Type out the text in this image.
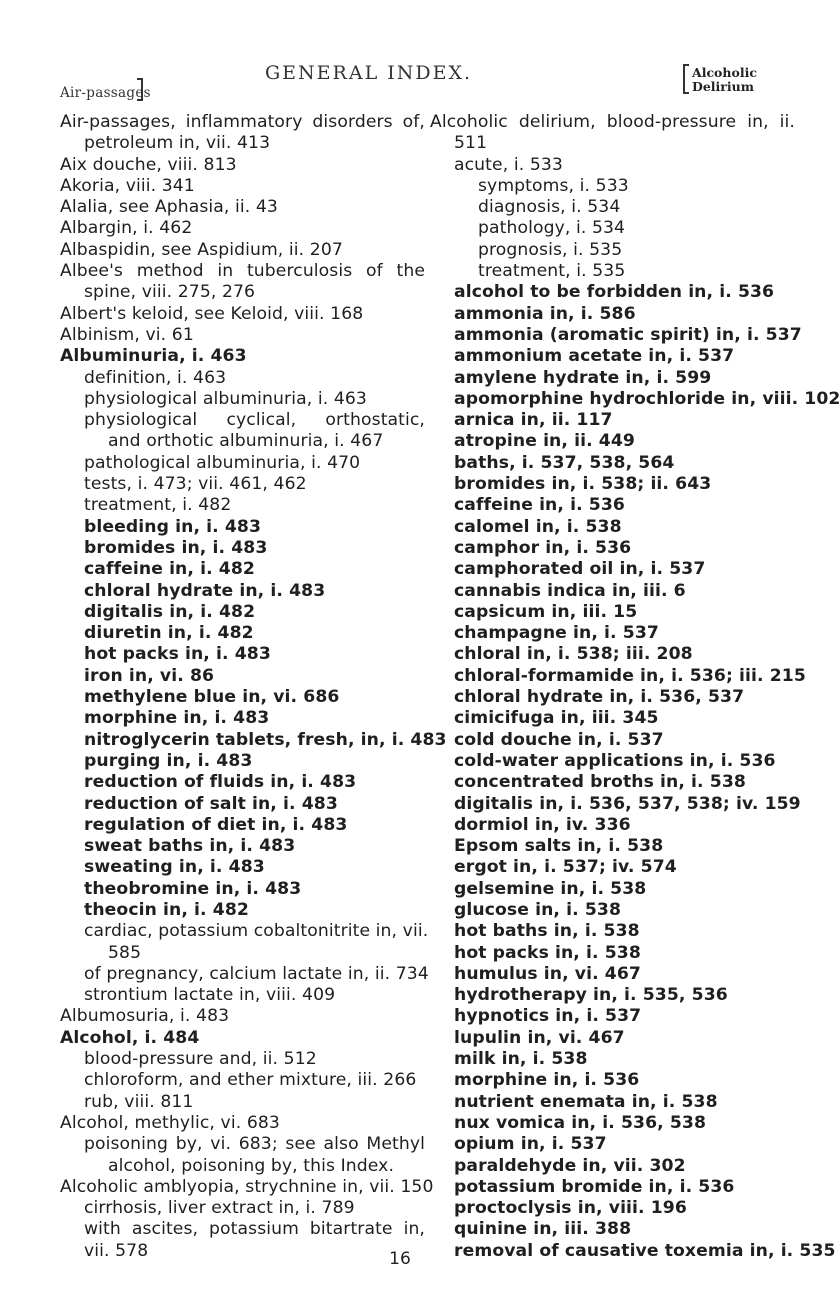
Air-passages
GENERAL INDEX.	Alcoholic
Delirium
Air-passages, inflammatory disorders of,
petroleum in, vii. 413
Aix douche, viii. 813
Akoria, viii. 341
Alalia, see Aphasia, ii. 43
Albargin, i. 462
Albaspidin, see Aspidium, ii. 207
Albee's method in tuberculosis of the
spine, viii. 275, 276
Albert's keloid, see Keloid, viii. 168
Albinism, vi. 61
Albuminuria, i. 463
definition, i. 463
physiological albuminuria, i. 463
physiological cyclical, orthostatic,
and orthotic albuminuria, i. 467
pathological albuminuria, i. 470
tests, i. 473; vii. 461, 462
treatment, i. 482
bleeding in, i. 483
bromides in, i. 483
caffeine in, i. 482
chloral hydrate in, i. 483
digitalis in, i. 482
diuretin in, i. 482
hot packs in, i. 483
iron in, vi. 86
methylene blue in, vi. 686
morphine in, i. 483
nitroglycerin tablets, fresh, in, i. 483
purging in, i. 483
reduction of fluids in, i. 483
reduction of salt in, i. 483
regulation of diet in, i. 483
sweat baths in, i. 483
sweating in, i. 483
theobromine in, i. 483
theocin in, i. 482
cardiac, potassium cobaltonitrite in, vii.
585
of pregnancy, calcium lactate in, ii. 734
strontium lactate in, viii. 409
Albumosuria, i. 483
Alcohol, i. 484
blood-pressure and, ii. 512
chloroform, and ether mixture, iii. 266
rub, viii. 811
Alcohol, methylic, vi. 683
poisoning by, vi. 683; see also Methyl
alcohol, poisoning by, this Index.
Alcoholic amblyopia, strychnine in, vii. 150
cirrhosis, liver extract in, i. 789
with ascites, potassium bitartrate in,
vii. 578
Alcoholic delirium, blood-pressure in, ii.
511
acute, i. 533
symptoms, i. 533
diagnosis, i. 534
pathology, i. 534
prognosis, i. 535
treatment, i. 535
alcohol to be forbidden in, i. 536
ammonia in, i. 586
ammonia (aromatic spirit) in, i. 537
ammonium acetate in, i. 537
amylene hydrate in, i. 599
apomorphine hydrochloride in, viii. 102
arnica in, ii. 117
atropine in, ii. 449
baths, i. 537, 538, 564
bromides in, i. 538; ii. 643
caffeine in, i. 536
calomel in, i. 538
camphor in, i. 536
camphorated oil in, i. 537
cannabis indica in, iii. 6
capsicum in, iii. 15
champagne in, i. 537
chloral in, i. 538; iii. 208
chloral-formamide in, i. 536; iii. 215
chloral hydrate in, i. 536, 537
cimicifuga in, iii. 345
cold douche in, i. 537
cold-water applications in, i. 536
concentrated broths in, i. 538
digitalis in, i. 536, 537, 538; iv. 159
dormiol in, iv. 336
Epsom salts in, i. 538
ergot in, i. 537; iv. 574
gelsemine in, i. 538
glucose in, i. 538
hot baths in, i. 538
hot packs in, i. 538
humulus in, vi. 467
hydrotherapy in, i. 535, 536
hypnotics in, i. 537
lupulin in, vi. 467
milk in, i. 538
morphine in, i. 536
nutrient enemata in, i. 538
nux vomica in, i. 536, 538
opium in, i. 537
paraldehyde in, vii. 302
potassium bromide in, i. 536
proctoclysis in, viii. 196
quinine in, iii. 388
removal of causative toxemia in, i. 535
16
